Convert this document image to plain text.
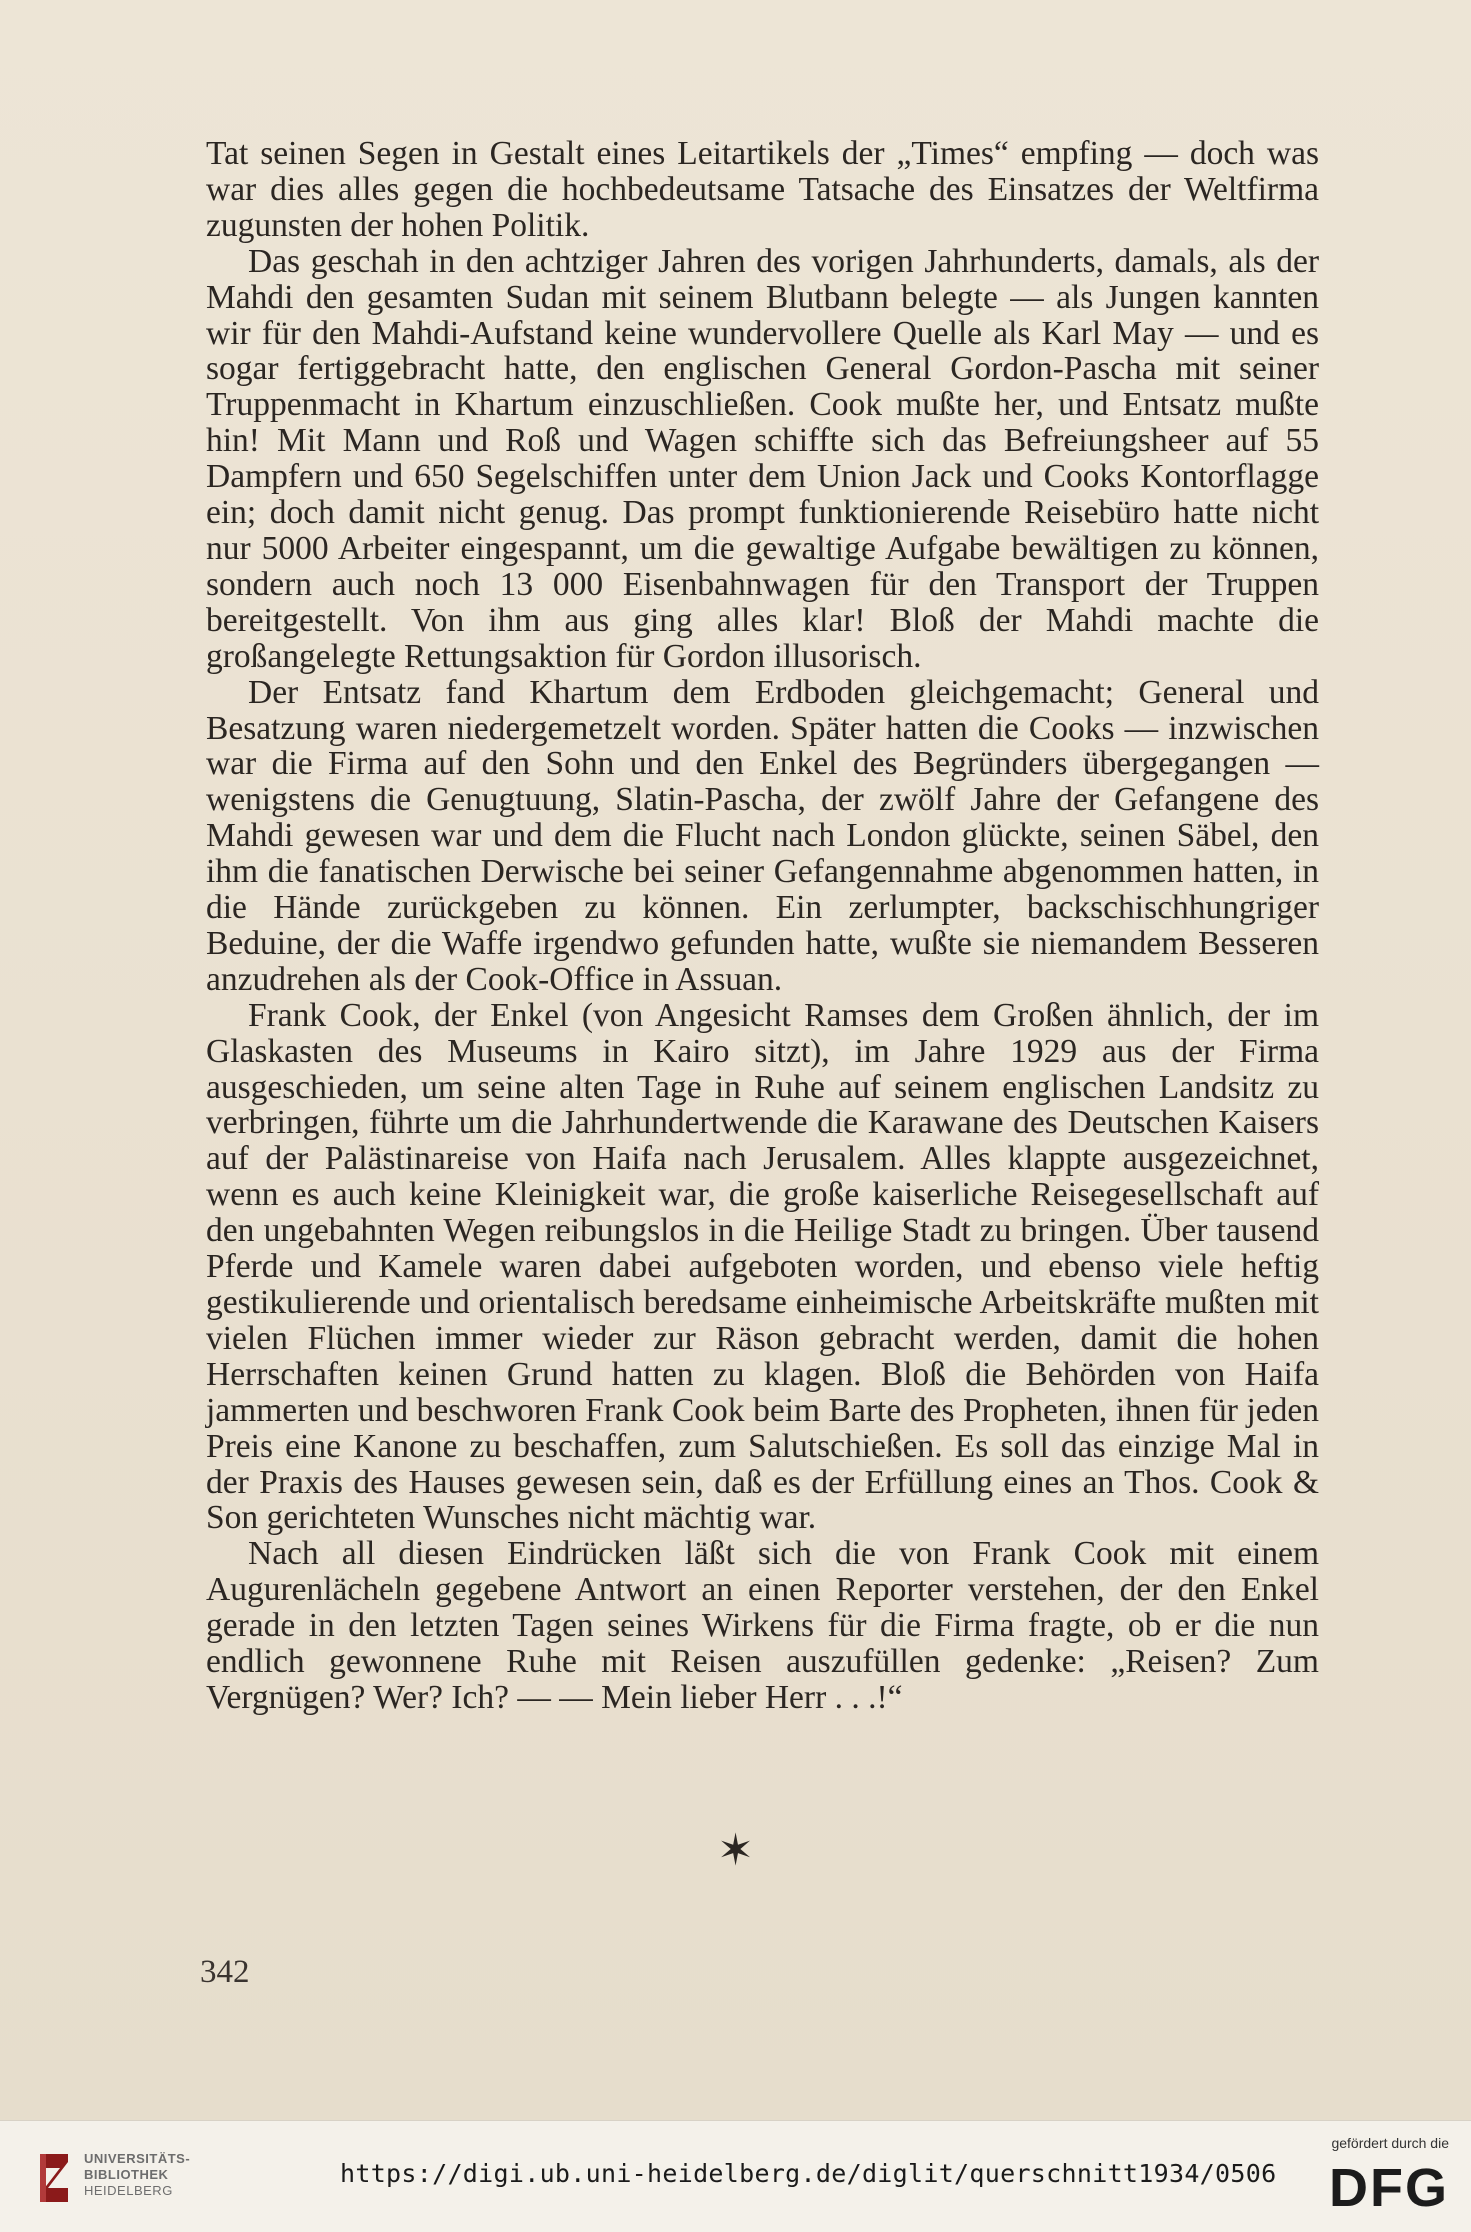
Tat seinen Segen in Gestalt eines Leitartikels der „Times“ empfing — doch was war dies alles gegen die hochbedeutsame Tatsache des Einsatzes der Weltfirma zugunsten der hohen Politik.

Das geschah in den achtziger Jahren des vorigen Jahrhunderts, damals, als der Mahdi den gesamten Sudan mit seinem Blutbann belegte — als Jungen kannten wir für den Mahdi-Aufstand keine wundervollere Quelle als Karl May — und es sogar fertiggebracht hatte, den englischen General Gordon-Pascha mit seiner Truppenmacht in Khartum einzuschließen. Cook mußte her, und Entsatz mußte hin! Mit Mann und Roß und Wagen schiffte sich das Befreiungsheer auf 55 Dampfern und 650 Segelschiffen unter dem Union Jack und Cooks Kontorflagge ein; doch damit nicht genug. Das prompt funktionierende Reisebüro hatte nicht nur 5000 Arbeiter eingespannt, um die gewaltige Aufgabe bewältigen zu können, sondern auch noch 13 000 Eisenbahnwagen für den Transport der Truppen bereitgestellt. Von ihm aus ging alles klar! Bloß der Mahdi machte die großangelegte Rettungsaktion für Gordon illusorisch.

Der Entsatz fand Khartum dem Erdboden gleichgemacht; General und Besatzung waren niedergemetzelt worden. Später hatten die Cooks — inzwischen war die Firma auf den Sohn und den Enkel des Begründers übergegangen — wenigstens die Genugtuung, Slatin-Pascha, der zwölf Jahre der Gefangene des Mahdi gewesen war und dem die Flucht nach London glückte, seinen Säbel, den ihm die fanatischen Derwische bei seiner Gefangennahme abgenommen hatten, in die Hände zurückgeben zu können. Ein zerlumpter, backschischhungriger Beduine, der die Waffe irgendwo gefunden hatte, wußte sie niemandem Besseren anzudrehen als der Cook-Office in Assuan.

Frank Cook, der Enkel (von Angesicht Ramses dem Großen ähnlich, der im Glaskasten des Museums in Kairo sitzt), im Jahre 1929 aus der Firma ausgeschieden, um seine alten Tage in Ruhe auf seinem englischen Landsitz zu verbringen, führte um die Jahrhundertwende die Karawane des Deutschen Kaisers auf der Palästinareise von Haifa nach Jerusalem. Alles klappte ausgezeichnet, wenn es auch keine Kleinigkeit war, die große kaiserliche Reisegesellschaft auf den ungebahnten Wegen reibungslos in die Heilige Stadt zu bringen. Über tausend Pferde und Kamele waren dabei aufgeboten worden, und ebenso viele heftig gestikulierende und orientalisch beredsame einheimische Arbeitskräfte mußten mit vielen Flüchen immer wieder zur Räson gebracht werden, damit die hohen Herrschaften keinen Grund hatten zu klagen. Bloß die Behörden von Haifa jammerten und beschworen Frank Cook beim Barte des Propheten, ihnen für jeden Preis eine Kanone zu beschaffen, zum Salutschießen. Es soll das einzige Mal in der Praxis des Hauses gewesen sein, daß es der Erfüllung eines an Thos. Cook & Son gerichteten Wunsches nicht mächtig war.

Nach all diesen Eindrücken läßt sich die von Frank Cook mit einem Augurenlächeln gegebene Antwort an einen Reporter verstehen, der den Enkel gerade in den letzten Tagen seines Wirkens für die Firma fragte, ob er die nun endlich gewonnene Ruhe mit Reisen auszufüllen gedenke: „Reisen? Zum Vergnügen? Wer? Ich? — — Mein lieber Herr . . .!“

✶
342
UNIVERSITÄTS-
BIBLIOTHEK
HEIDELBERG
https://digi.ub.uni-heidelberg.de/diglit/querschnitt1934/0506
gefördert durch die
DFG
